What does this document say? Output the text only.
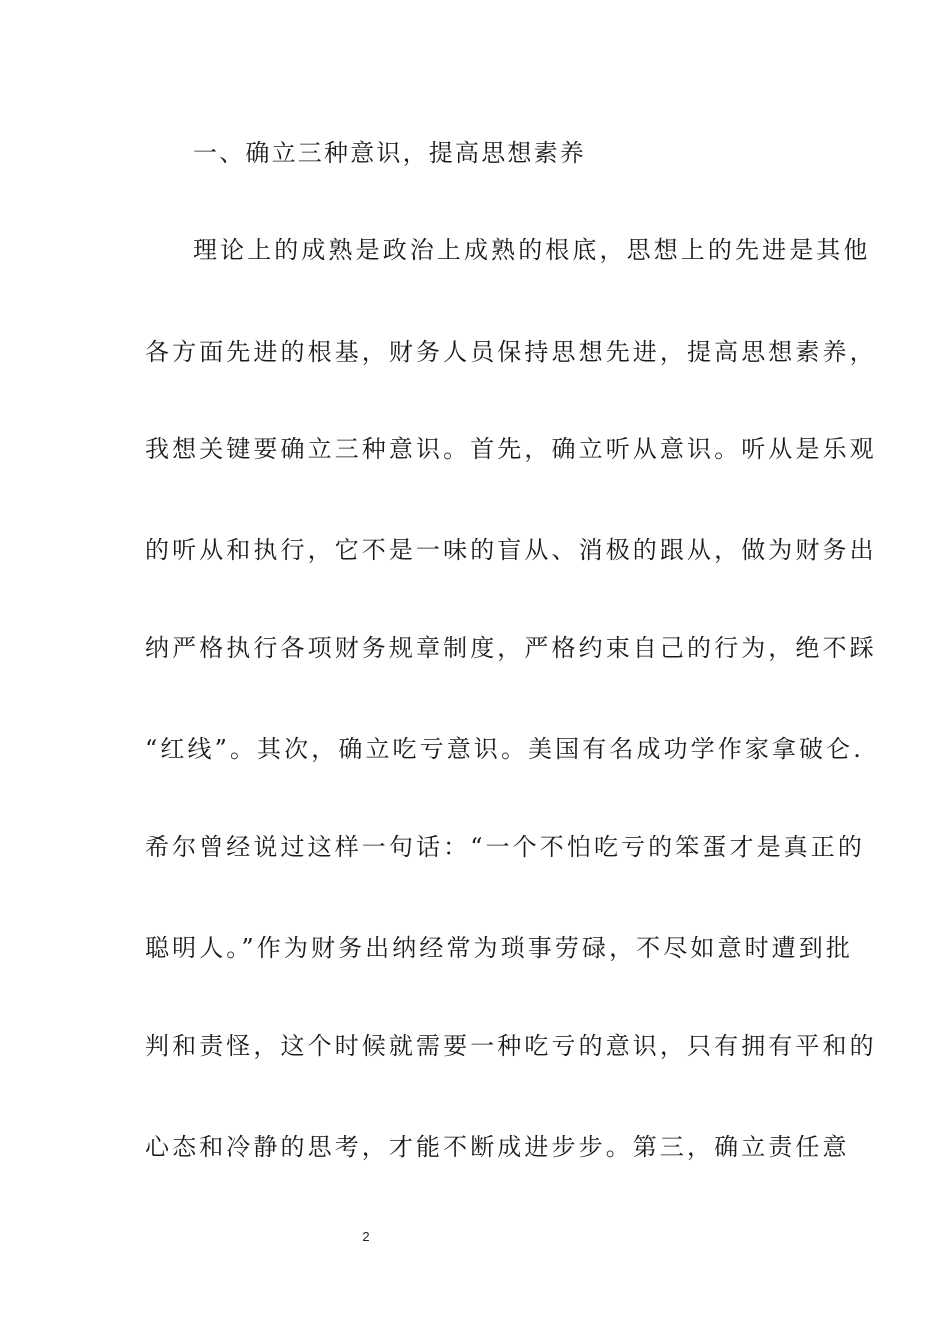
一、确立三种意识，提高思想素养
理论上的成熟是政治上成熟的根底，思想上的先进是其他
各方面先进的根基，财务人员保持思想先进，提高思想素养，
我想关键要确立三种意识。首先，确立听从意识。听从是乐观
的听从和执行，它不是一味的盲从、消极的跟从，做为财务出
纳严格执行各项财务规章制度，严格约束自己的行为，绝不踩
“红线”。其次，确立吃亏意识。美国有名成功学作家拿破仑.
希尔曾经说过这样一句话：“一个不怕吃亏的笨蛋才是真正的
聪明人。”作为财务出纳经常为琐事劳碌，不尽如意时遭到批
判和责怪，这个时候就需要一种吃亏的意识，只有拥有平和的
心态和冷静的思考，才能不断成进步步。第三，确立责任意
2
